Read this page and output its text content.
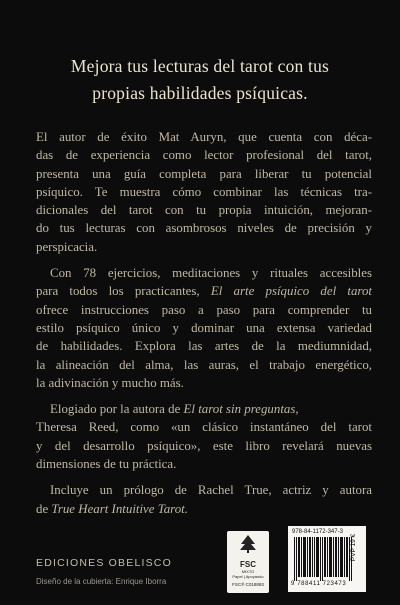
Mejora tus lecturas del tarot con tus
propias habilidades psíquicas.

El autor de éxito Mat Auryn, que cuenta con déca-
das de experiencia como lector profesional del tarot,
presenta una guía completa para liberar tu potencial
psíquico. Te muestra cómo combinar las técnicas tra-
dicionales del tarot con tu propia intuición, mejoran-
do tus lecturas con asombrosos niveles de precisión y
perspicacia.

Con 78 ejercicios, meditaciones y rituales accesibles
para todos los practicantes, El arte psíquico del tarot
ofrece instrucciones paso a paso para comprender tu
estilo psíquico único y dominar una extensa variedad
de habilidades. Explora las artes de la mediumnidad,
la alineación del alma, las auras, el trabajo energético,
la adivinación y mucho más.

Elogiado por la autora de El tarot sin preguntas,
Theresa Reed, como «un clásico instantáneo del tarot
y del desarrollo psíquico», este libro revelará nuevas
dimensiones de tu práctica.

Incluye un prólogo de Rachel True, actriz y autora
de True Heart Intuitive Tarot.

FSC
MIXTO
Papel | Apoyando
FSC® C018893
978-84-1172-347-3
9 788411 723473
PVP 19 €
EDICIONES OBELISCO
Diseño de la cubierta: Enrique Iborra
